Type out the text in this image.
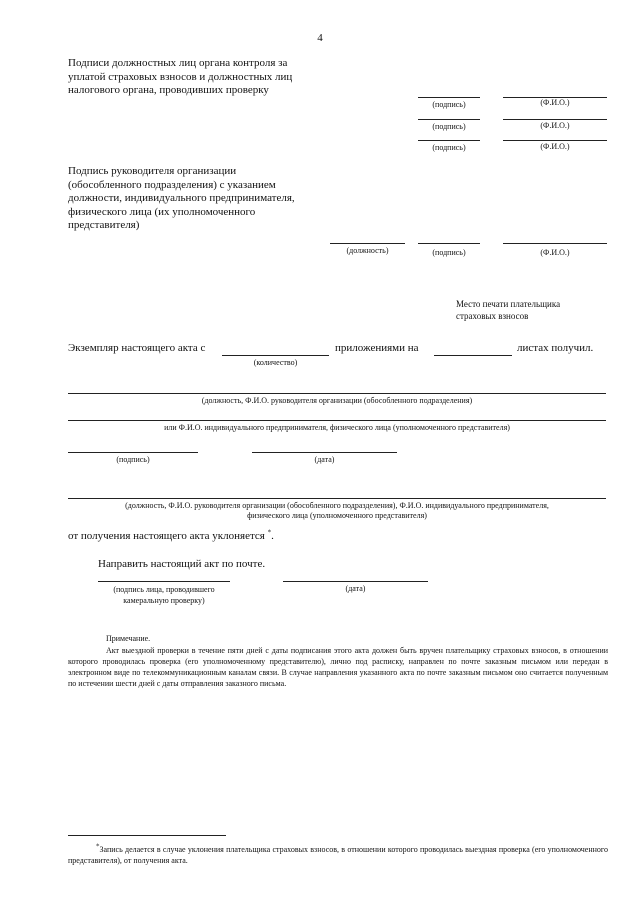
4
Подписи должностных лиц органа контроля за
уплатой страховых взносов и должностных лиц
налогового органа, проводивших проверку
(подпись)	(Ф.И.О.)
(подпись)	(Ф.И.О.)
(подпись)	(Ф.И.О.)
Подпись руководителя организации
(обособленного подразделения) с указанием
должности, индивидуального предпринимателя,
физического лица (их уполномоченного
представителя)
(должность)	(подпись)	(Ф.И.О.)
Место печати плательщика
страховых взносов
Экземпляр настоящего акта с
(количество)
приложениями на	листах получил.
(должность, Ф.И.О. руководителя организации (обособленного подразделения)
или Ф.И.О. индивидуального предпринимателя, физического лица (уполномоченного представителя)
(подпись)	(дата)
(должность, Ф.И.О. руководителя организации (обособленного подразделения), Ф.И.О. индивидуального предпринимателя,
физического лица (уполномоченного представителя)
от получения настоящего акта уклоняется *.
Направить настоящий акт по почте.
(подпись лица, проводившего
камеральную проверку)
(дата)
Примечание.
Акт выездной проверки в течение пяти дней с даты подписания этого акта должен быть вручен плательщику страховых взносов, в отношении которого проводилась проверка (его уполномоченному представителю), лично под расписку, направлен по почте заказным письмом или передан в электронном виде по телекоммуникационным каналам связи. В случае направления указанного акта по почте заказным письмом оно считается полученным по истечении шести дней с даты отправления заказного письма.
*Запись делается в случае уклонения плательщика страховых взносов, в отношении которого проводилась выездная проверка (его уполномоченного представителя), от получения акта.
